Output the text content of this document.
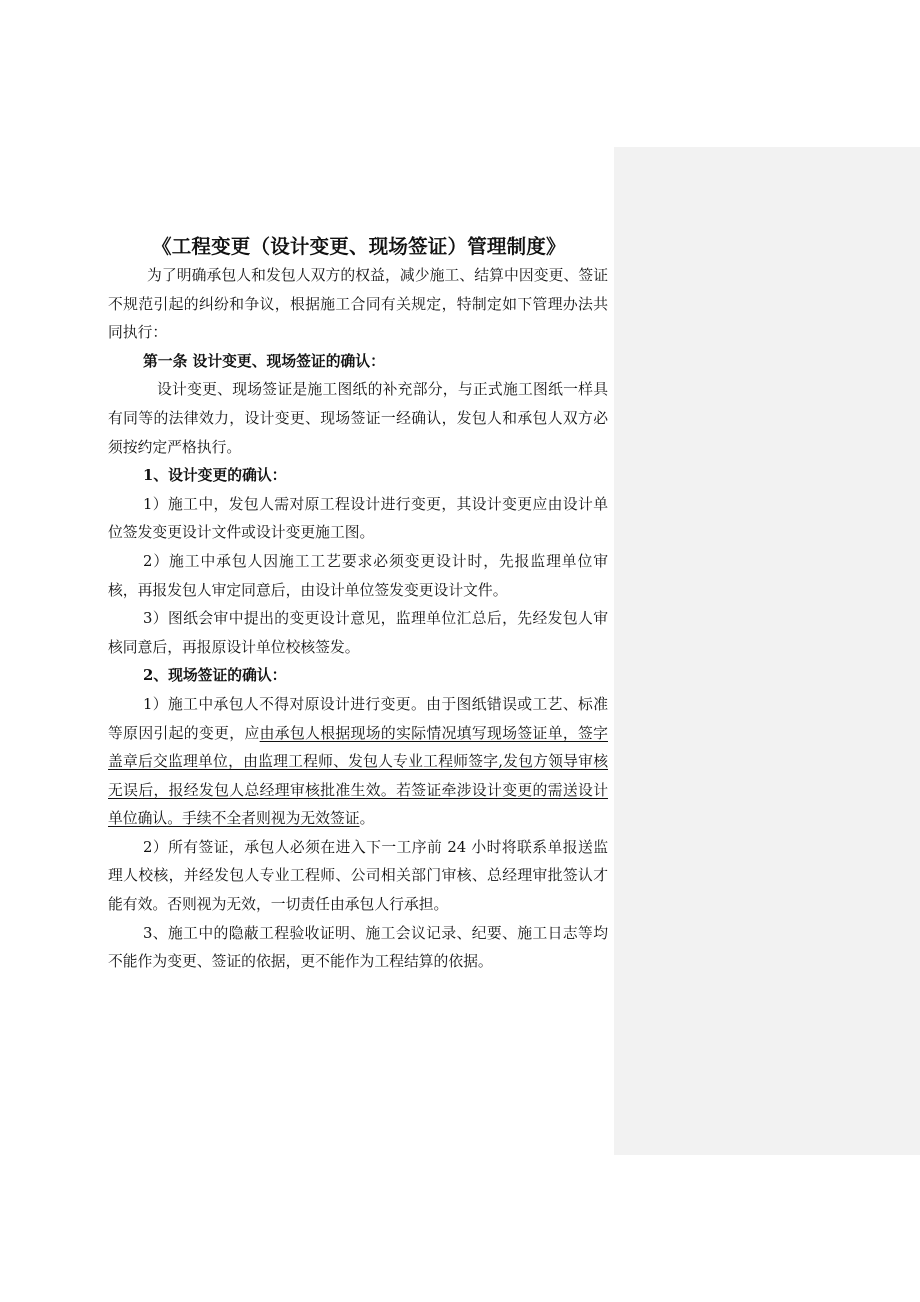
《工程变更（设计变更、现场签证）管理制度》

为了明确承包人和发包人双方的权益，减少施工、结算中因变更、签证不规范引起的纠纷和争议，根据施工合同有关规定，特制定如下管理办法共同执行：

第一条 设计变更、现场签证的确认：

设计变更、现场签证是施工图纸的补充部分，与正式施工图纸一样具有同等的法律效力，设计变更、现场签证一经确认，发包人和承包人双方必须按约定严格执行。

1、设计变更的确认：

1）施工中，发包人需对原工程设计进行变更，其设计变更应由设计单位签发变更设计文件或设计变更施工图。

2）施工中承包人因施工工艺要求必须变更设计时，先报监理单位审核，再报发包人审定同意后，由设计单位签发变更设计文件。

3）图纸会审中提出的变更设计意见，监理单位汇总后，先经发包人审核同意后，再报原设计单位校核签发。

2、现场签证的确认：

1）施工中承包人不得对原设计进行变更。由于图纸错误或工艺、标准等原因引起的变更，应由承包人根据现场的实际情况填写现场签证单，签字盖章后交监理单位，由监理工程师、发包人专业工程师签字,发包方领导审核无误后，报经发包人总经理审核批准生效。若签证牵涉设计变更的需送设计单位确认。手续不全者则视为无效签证。

2）所有签证，承包人必须在进入下一工序前 24 小时将联系单报送监理人校核，并经发包人专业工程师、公司相关部门审核、总经理审批签认才能有效。否则视为无效，一切责任由承包人行承担。

3、施工中的隐蔽工程验收证明、施工会议记录、纪要、施工日志等均不能作为变更、签证的依据，更不能作为工程结算的依据。
